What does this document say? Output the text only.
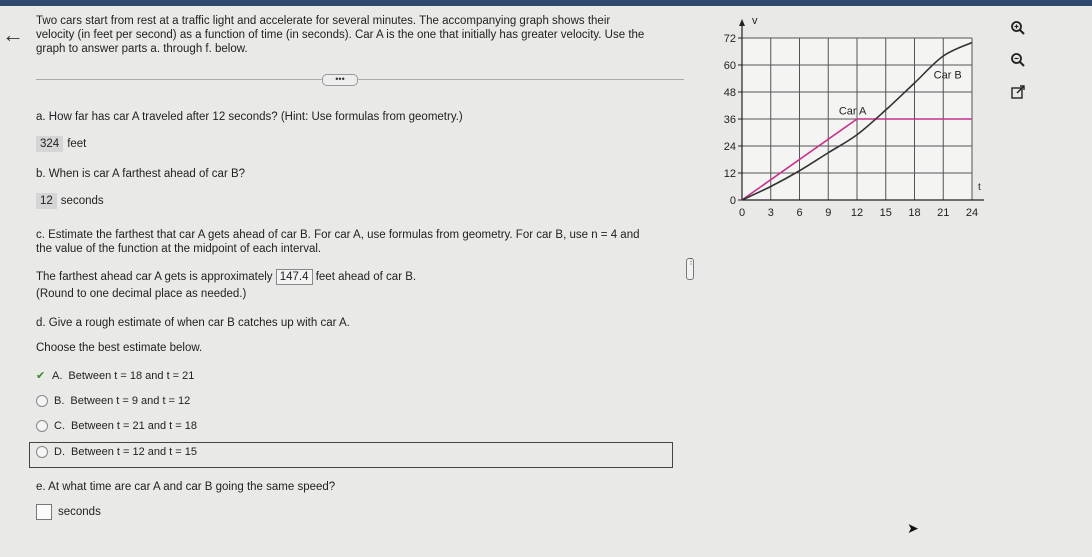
←
Two cars start from rest at a traffic light and accelerate for several minutes. The accompanying graph shows their
velocity (in feet per second) as a function of time (in seconds). Car A is the one that initially has greater velocity. Use the
graph to answer parts a. through f. below.
•••
a. How far has car A traveled after 12 seconds? (Hint: Use formulas from geometry.)
324 feet
b. When is car A farthest ahead of car B?
12 seconds
c. Estimate the farthest that car A gets ahead of car B. For car A, use formulas from geometry. For car B, use n = 4 and
the value of the function at the midpoint of each interval.
The farthest ahead car A gets is approximately 147.4 feet ahead of car B.
(Round to one decimal place as needed.)
d. Give a rough estimate of when car B catches up with car A.
Choose the best estimate below.
✔ A. Between t = 18 and t = 21
B. Between t = 9 and t = 12
C. Between t = 21 and t = 18
D. Between t = 12 and t = 15
e. At what time are car A and car B going the same speed?
seconds
⋮
0 3 6 9 12 15 18 21 24
0
12
24
36
48
60
72
v
t
Car A
Car B
➤
